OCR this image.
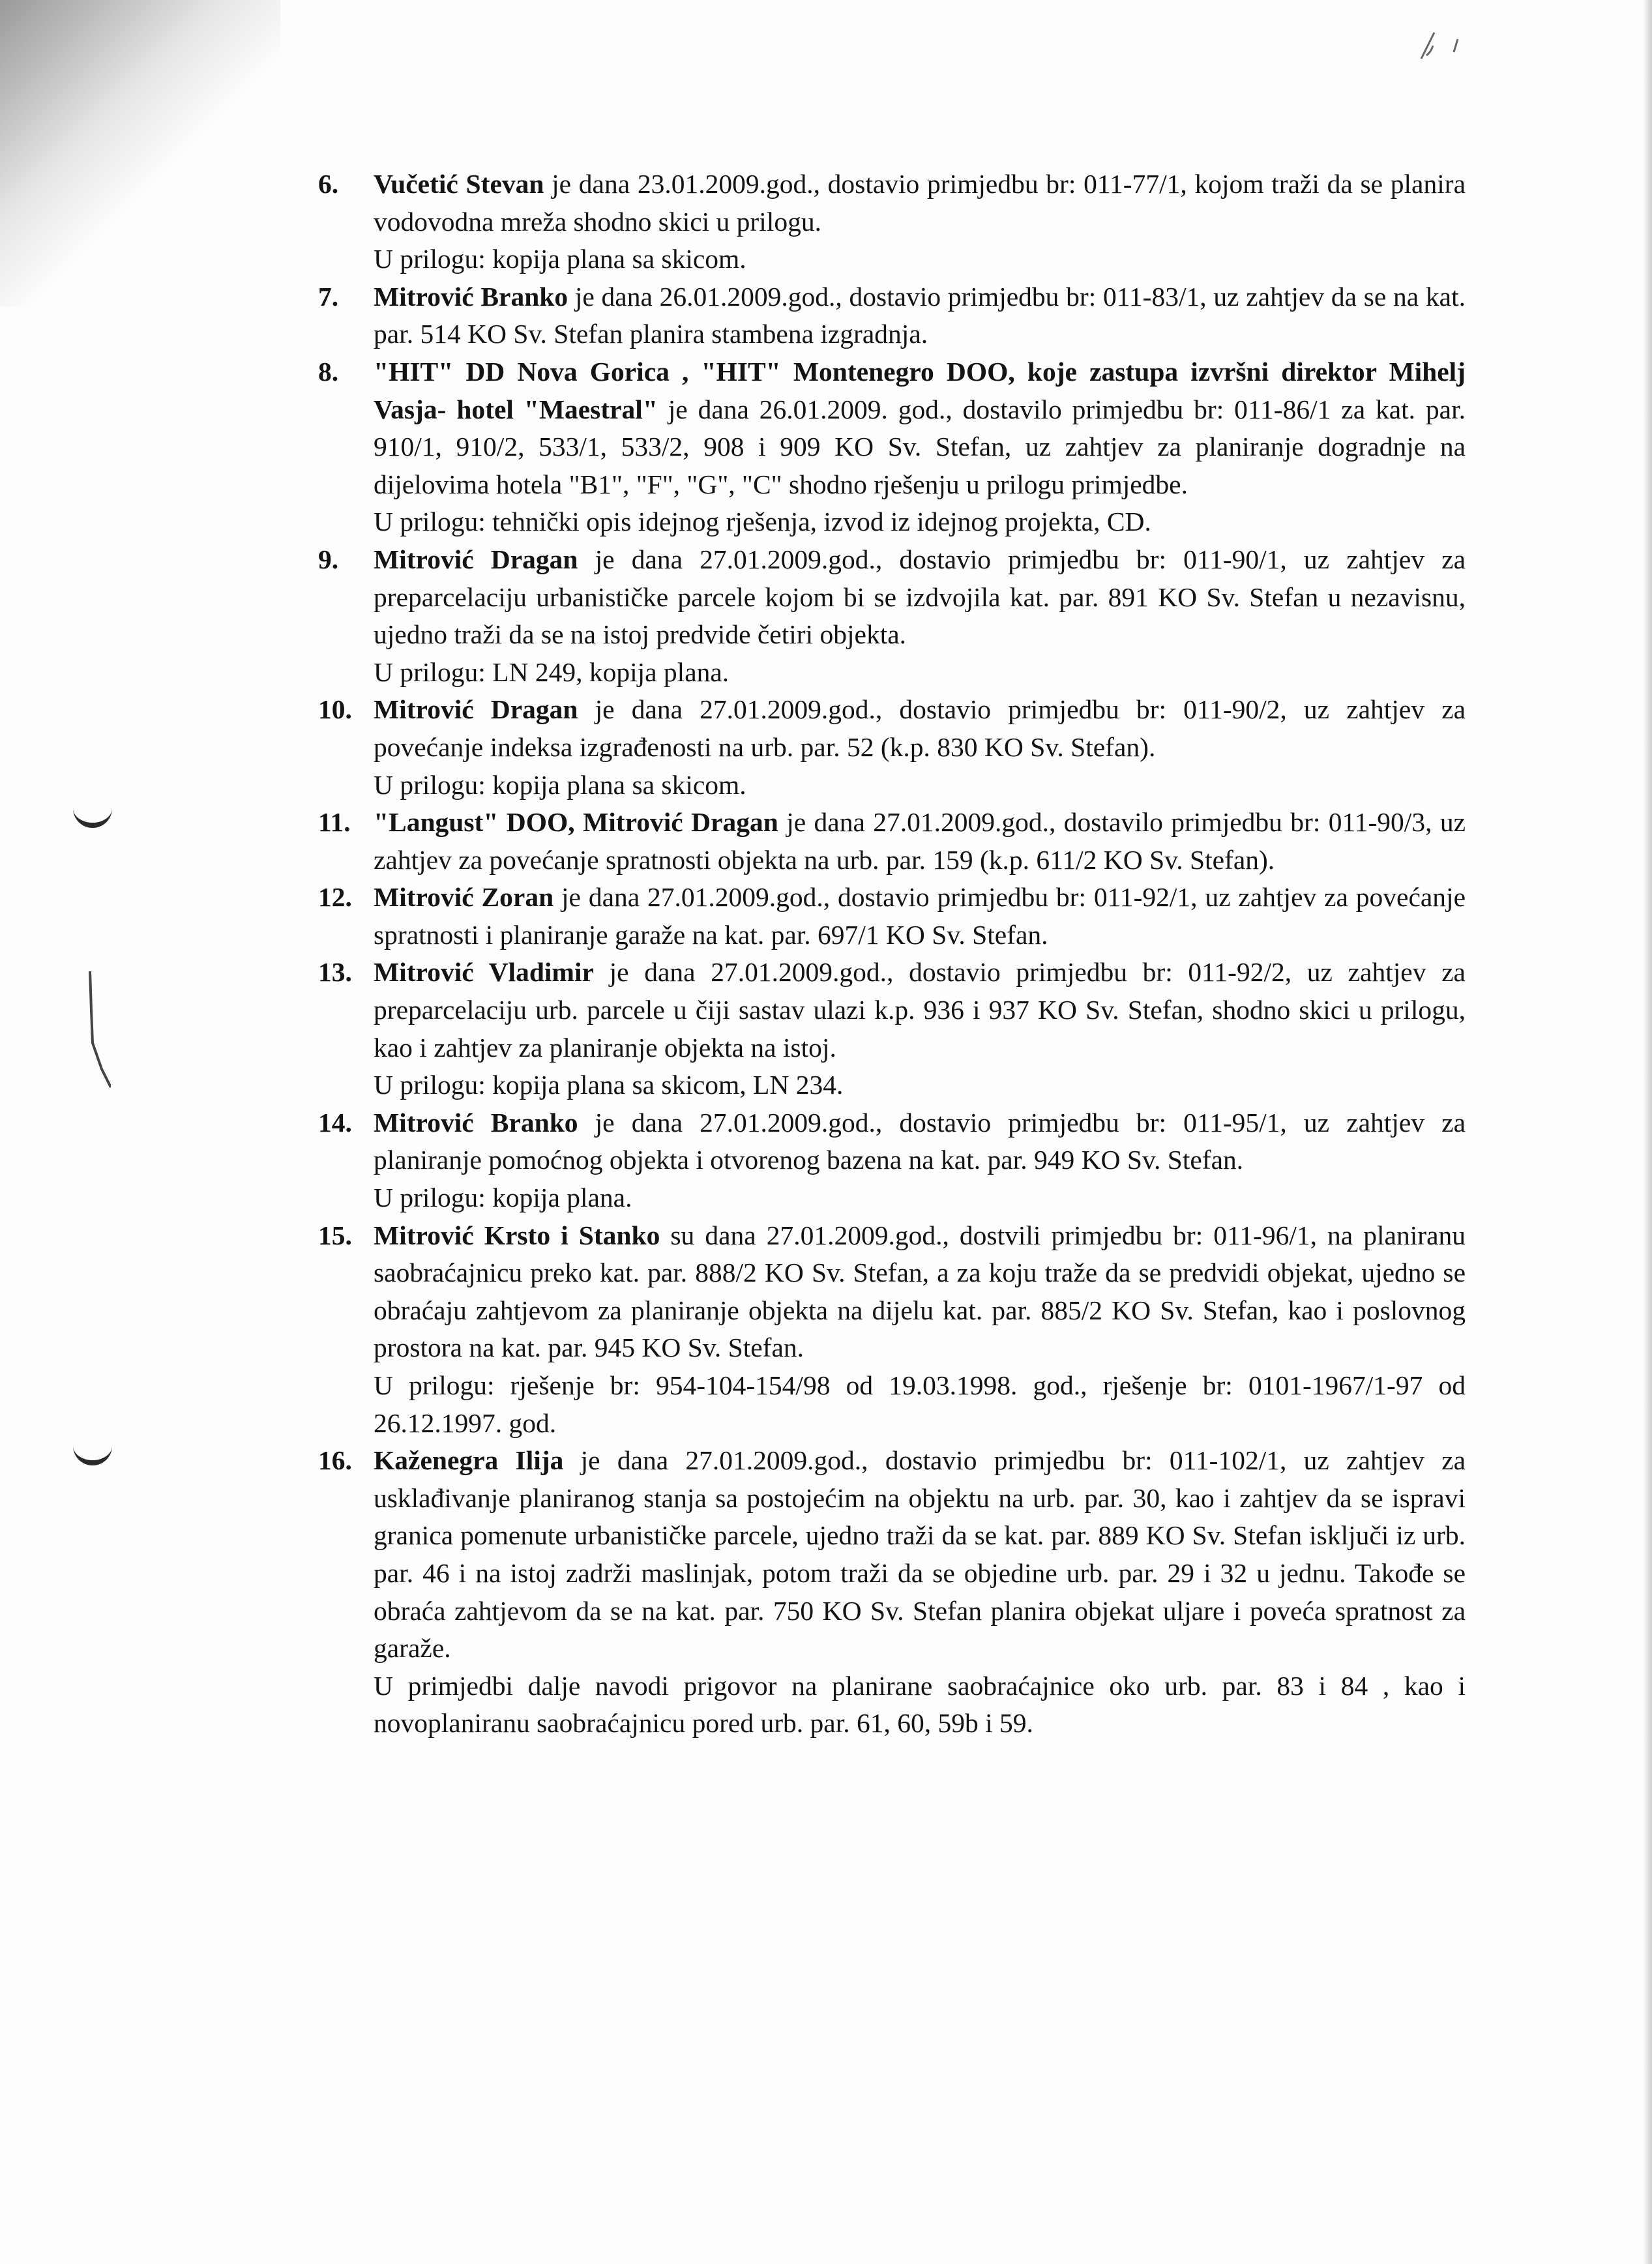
6. Vučetić Stevan je dana 23.01.2009.god., dostavio primjedbu br: 011-77/1, kojom traži da se planira vodovodna mreža shodno skici u prilogu.
U prilogu: kopija plana sa skicom.
7. Mitrović Branko je dana 26.01.2009.god., dostavio primjedbu br: 011-83/1, uz zahtjev da se na kat. par. 514 KO Sv. Stefan planira stambena izgradnja.
8. "HIT" DD Nova Gorica , "HIT" Montenegro DOO, koje zastupa izvršni direktor Mihelj Vasja- hotel "Maestral" je dana 26.01.2009. god., dostavilo primjedbu br: 011-86/1 za kat. par. 910/1, 910/2, 533/1, 533/2, 908 i 909 KO Sv. Stefan, uz zahtjev za planiranje dogradnje na dijelovima hotela "B1", "F", "G", "C" shodno rješenju u prilogu primjedbe.
U prilogu: tehnički opis idejnog rješenja, izvod iz idejnog projekta, CD.
9. Mitrović Dragan je dana 27.01.2009.god., dostavio primjedbu br: 011-90/1, uz zahtjev za preparcelaciju urbanističke parcele kojom bi se izdvojila kat. par. 891 KO Sv. Stefan u nezavisnu, ujedno traži da se na istoj predvide četiri objekta.
U prilogu: LN 249, kopija plana.
10. Mitrović Dragan je dana 27.01.2009.god., dostavio primjedbu br: 011-90/2, uz zahtjev za povećanje indeksa izgrađenosti na urb. par. 52 (k.p. 830 KO Sv. Stefan).
U prilogu: kopija plana sa skicom.
11. "Langust" DOO, Mitrović Dragan je dana 27.01.2009.god., dostavilo primjedbu br: 011-90/3, uz zahtjev za povećanje spratnosti objekta na urb. par. 159 (k.p. 611/2 KO Sv. Stefan).
12. Mitrović Zoran je dana 27.01.2009.god., dostavio primjedbu br: 011-92/1, uz zahtjev za povećanje spratnosti i planiranje garaže na kat. par. 697/1 KO Sv. Stefan.
13. Mitrović Vladimir je dana 27.01.2009.god., dostavio primjedbu br: 011-92/2, uz zahtjev za preparcelaciju urb. parcele u čiji sastav ulazi k.p. 936 i 937 KO Sv. Stefan, shodno skici u prilogu, kao i zahtjev za planiranje objekta na istoj.
U prilogu: kopija plana sa skicom, LN 234.
14. Mitrović Branko je dana 27.01.2009.god., dostavio primjedbu br: 011-95/1, uz zahtjev za planiranje pomoćnog objekta i otvorenog bazena na kat. par. 949 KO Sv. Stefan.
U prilogu: kopija plana.
15. Mitrović Krsto i Stanko su dana 27.01.2009.god., dostvili primjedbu br: 011-96/1, na planiranu saobraćajnicu preko kat. par. 888/2 KO Sv. Stefan, a za koju traže da se predvidi objekat, ujedno se obraćaju zahtjevom za planiranje objekta na dijelu kat. par. 885/2 KO Sv. Stefan, kao i poslovnog prostora na kat. par. 945 KO Sv. Stefan.
U prilogu: rješenje br: 954-104-154/98 od 19.03.1998. god., rješenje br: 0101-1967/1-97 od 26.12.1997. god.
16. Kaženegra Ilija je dana 27.01.2009.god., dostavio primjedbu br: 011-102/1, uz zahtjev za usklađivanje planiranog stanja sa postojećim na objektu na urb. par. 30, kao i zahtjev da se ispravi granica pomenute urbanističke parcele, ujedno traži da se kat. par. 889 KO Sv. Stefan isključi iz urb. par. 46 i na istoj zadrži maslinjak, potom traži da se objedine urb. par. 29 i 32 u jednu. Takođe se obraća zahtjevom da se na kat. par. 750 KO Sv. Stefan planira objekat uljare i poveća spratnost za garaže.
U primjedbi dalje navodi prigovor na planirane saobraćajnice oko urb. par. 83 i 84 , kao i novoplaniranu saobraćajnicu pored urb. par. 61, 60, 59b i 59.
